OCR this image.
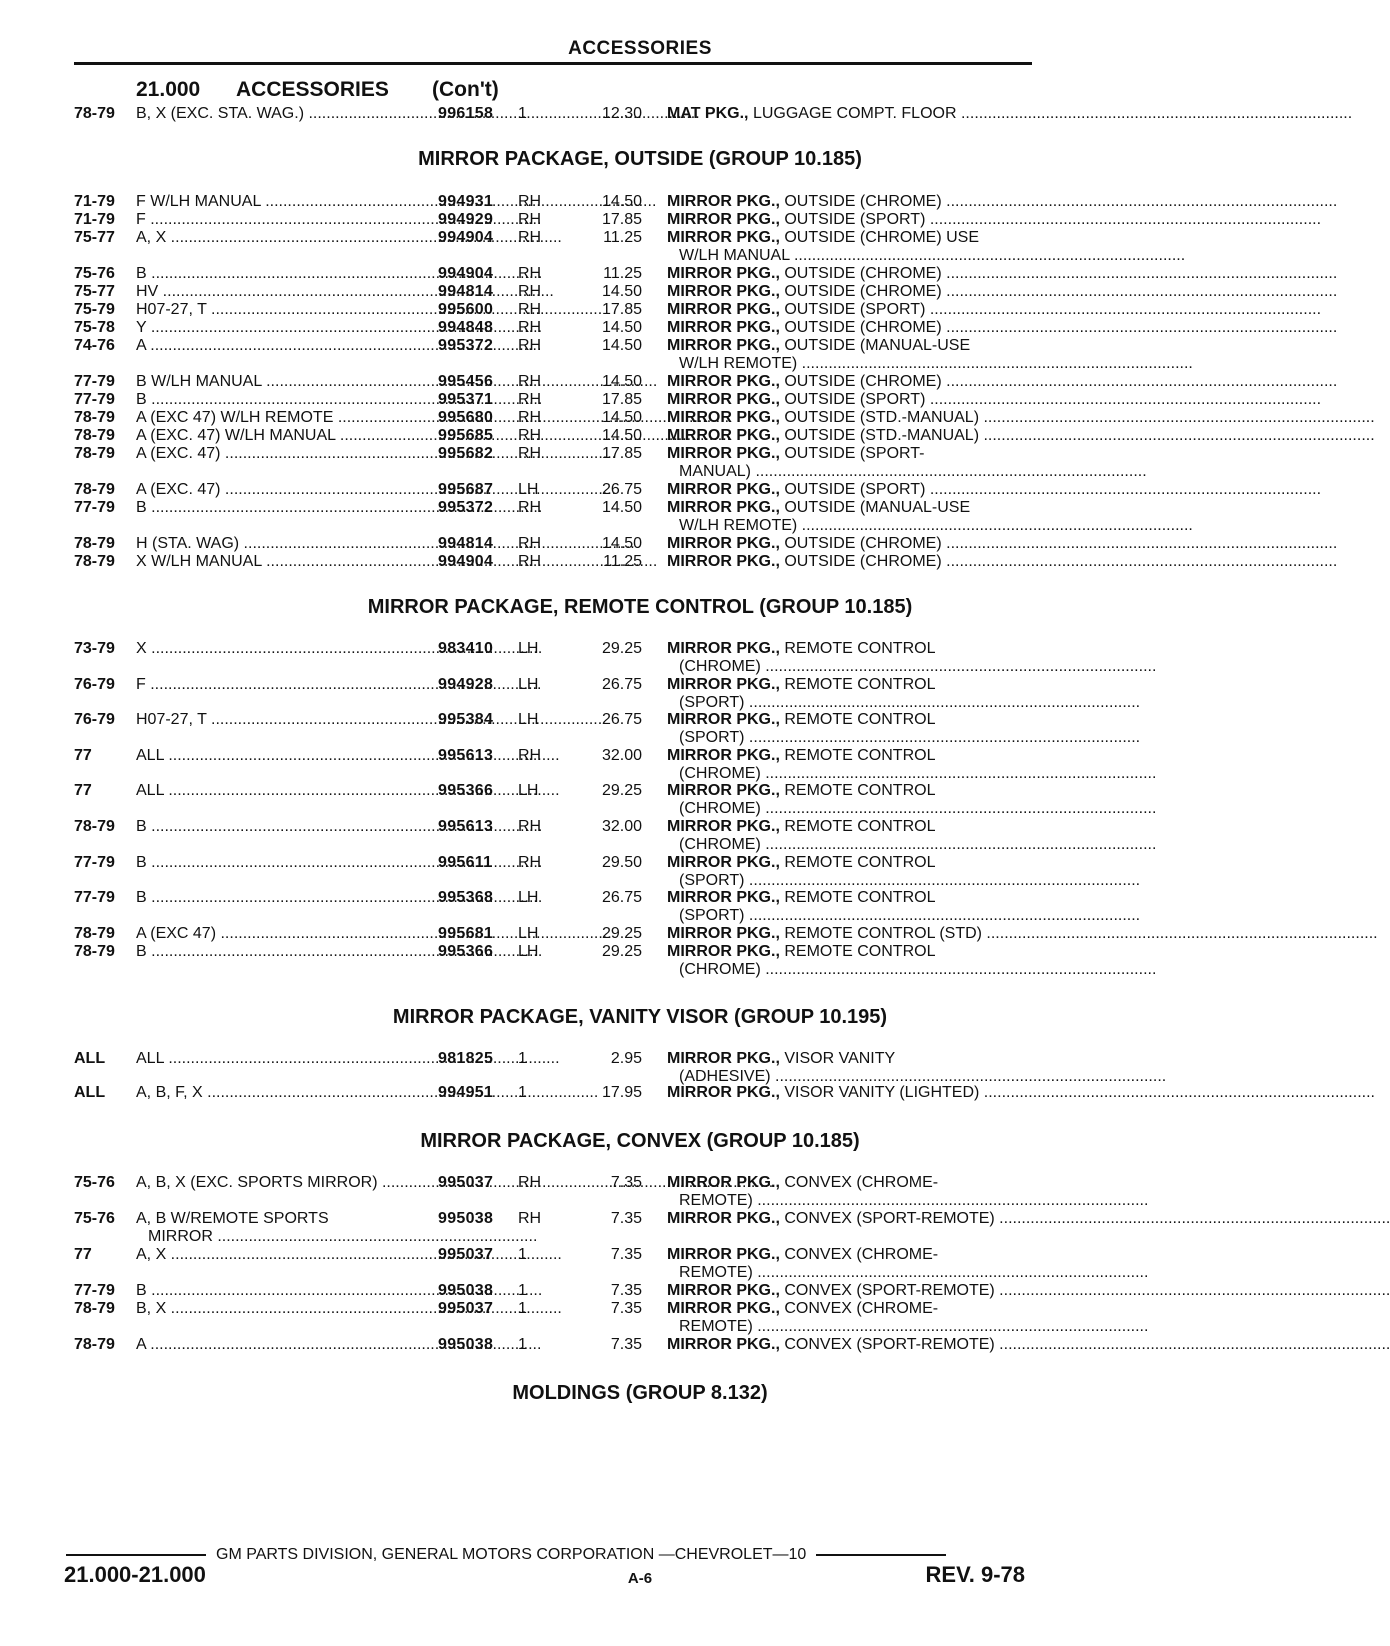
ACCESSORIES
21.000 ACCESSORIES (Con't)
78-79 B, X (EXC. STA. WAG.) .....	996158 1	12.30 MAT PKG., LUGGAGE COMPT. FLOOR .....
MIRROR PACKAGE, OUTSIDE (GROUP 10.185)
71-79 F W/LH MANUAL .....	994931 RH	14.50 MIRROR PKG., OUTSIDE (CHROME) .....
71-79 F .....	994929 RH	17.85 MIRROR PKG., OUTSIDE (SPORT) .....
75-77 A, X .....	994904 RH	11.25 MIRROR PKG., OUTSIDE (CHROME) USE
W/LH MANUAL .....
75-76 B .....	994904 RH	11.25 MIRROR PKG., OUTSIDE (CHROME) .....
75-77 HV .....	994814 RH	14.50 MIRROR PKG., OUTSIDE (CHROME) .....
75-79 H07-27, T .....	995600 RH	17.85 MIRROR PKG., OUTSIDE (SPORT) .....
75-78 Y .....	994848 RH	14.50 MIRROR PKG., OUTSIDE (CHROME) .....
74-76 A .....	995372 RH	14.50 MIRROR PKG., OUTSIDE (MANUAL-USE
W/LH REMOTE) .....
77-79 B W/LH MANUAL .....	995456 RH	14.50 MIRROR PKG., OUTSIDE (CHROME) .....
77-79 B .....	995371 RH	17.85 MIRROR PKG., OUTSIDE (SPORT) .....
78-79 A (EXC 47) W/LH REMOTE .....	995680 RH	14.50 MIRROR PKG., OUTSIDE (STD.-MANUAL) .....
78-79 A (EXC. 47) W/LH MANUAL .....	995685 RH	14.50 MIRROR PKG., OUTSIDE (STD.-MANUAL) .....
78-79 A (EXC. 47) .....	995682 RH	17.85 MIRROR PKG., OUTSIDE (SPORT-
MANUAL) .....
78-79 A (EXC. 47) .....	995687 LH	26.75 MIRROR PKG., OUTSIDE (SPORT) .....
77-79 B .....	995372 RH	14.50 MIRROR PKG., OUTSIDE (MANUAL-USE
W/LH REMOTE) .....
78-79 H (STA. WAG) .....	994814 RH	14.50 MIRROR PKG., OUTSIDE (CHROME) .....
78-79 X W/LH MANUAL .....	994904 RH	11.25 MIRROR PKG., OUTSIDE (CHROME) .....
MIRROR PACKAGE, REMOTE CONTROL (GROUP 10.185)
73-79 X .....	983410 LH	29.25 MIRROR PKG., REMOTE CONTROL
(CHROME) .....
76-79 F .....	994928 LH	26.75 MIRROR PKG., REMOTE CONTROL
(SPORT) .....
76-79 H07-27, T .....	995384 LH	26.75 MIRROR PKG., REMOTE CONTROL
(SPORT) .....
77	ALL .....	995613 RH	32.00 MIRROR PKG., REMOTE CONTROL
(CHROME) .....
77	ALL .....	995366 LH	29.25 MIRROR PKG., REMOTE CONTROL
(CHROME) .....
78-79 B .....	995613 RH	32.00 MIRROR PKG., REMOTE CONTROL
(CHROME) .....
77-79 B .....	995611 RH	29.50 MIRROR PKG., REMOTE CONTROL
(SPORT) .....
77-79 B .....	995368 LH	26.75 MIRROR PKG., REMOTE CONTROL
(SPORT) .....
78-79 A (EXC 47) .....	995681 LH	29.25 MIRROR PKG., REMOTE CONTROL (STD) .....
78-79 B .....	995366 LH	29.25 MIRROR PKG., REMOTE CONTROL
(CHROME) .....
MIRROR PACKAGE, VANITY VISOR (GROUP 10.195)
ALL ALL .....	981825 1	2.95 MIRROR PKG., VISOR VANITY
(ADHESIVE) .....
ALL A, B, F, X .....	994951 1	17.95 MIRROR PKG., VISOR VANITY (LIGHTED) .....
MIRROR PACKAGE, CONVEX (GROUP 10.185)
75-76 A, B, X (EXC. SPORTS MIRROR) .....	995037 RH	7.35 MIRROR PKG., CONVEX (CHROME-
REMOTE) .....
75-76 A, B W/REMOTE SPORTS
MIRROR ........................................................................
995038 RH	7.35 MIRROR PKG., CONVEX (SPORT-REMOTE) .....
77	A, X .....	995037 1	7.35 MIRROR PKG., CONVEX (CHROME-
REMOTE) .....
77-79 B .....	995038 1	7.35 MIRROR PKG., CONVEX (SPORT-REMOTE) .....
78-79 B, X .....	995037 1	7.35 MIRROR PKG., CONVEX (CHROME-
REMOTE) .....
78-79 A .....	995038 1	7.35 MIRROR PKG., CONVEX (SPORT-REMOTE) .....
MOLDINGS (GROUP 8.132)
GM PARTS DIVISION, GENERAL MOTORS CORPORATION —CHEVROLET—10
21.000-21.000	A-6	REV. 9-78
